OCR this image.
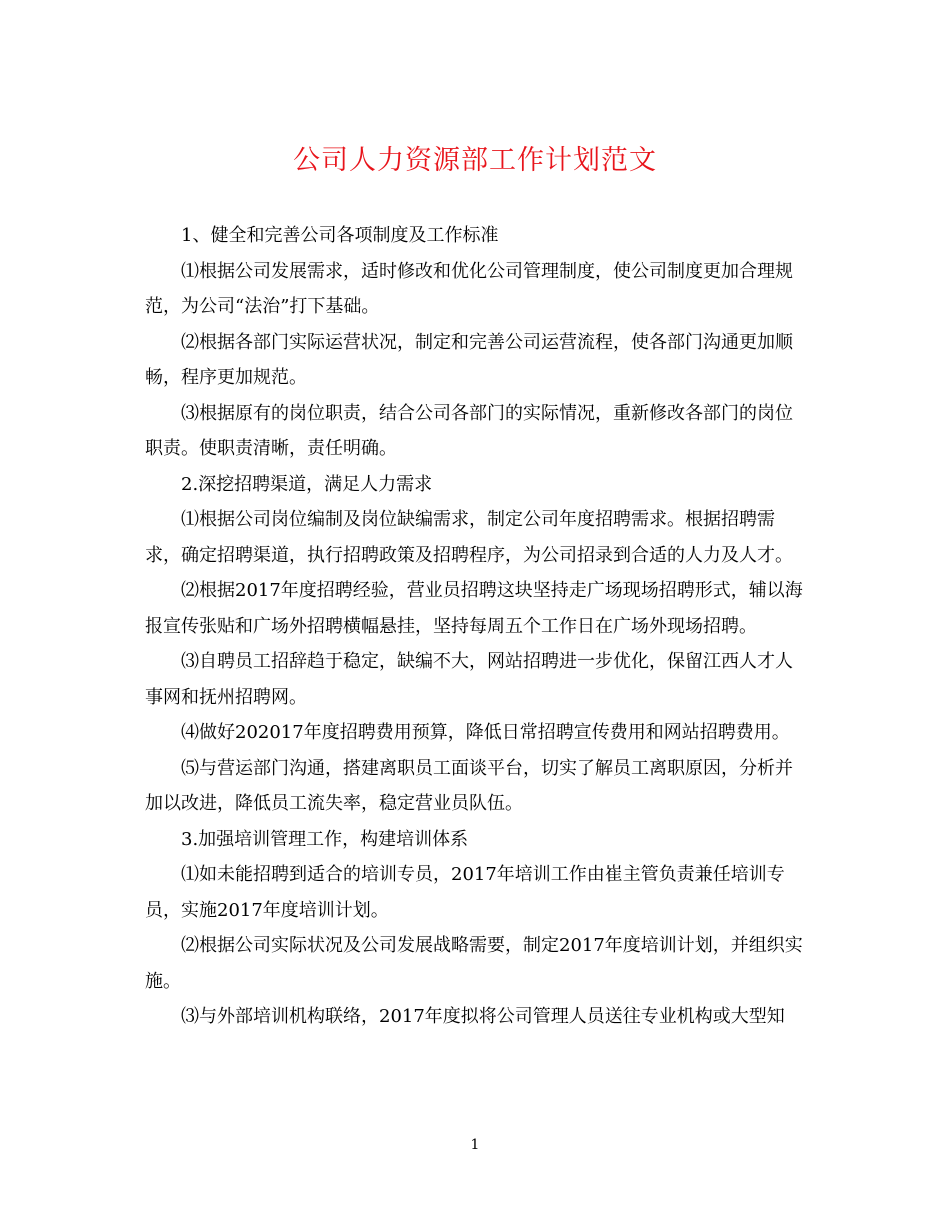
公司人力资源部工作计划范文

1、健全和完善公司各项制度及工作标准

⑴根据公司发展需求，适时修改和优化公司管理制度，使公司制度更加合理规范，为公司“法治”打下基础。

⑵根据各部门实际运营状况，制定和完善公司运营流程，使各部门沟通更加顺畅，程序更加规范。

⑶根据原有的岗位职责，结合公司各部门的实际情况，重新修改各部门的岗位职责。使职责清晰，责任明确。

2.深挖招聘渠道，满足人力需求

⑴根据公司岗位编制及岗位缺编需求，制定公司年度招聘需求。根据招聘需求，确定招聘渠道，执行招聘政策及招聘程序，为公司招录到合适的人力及人才。

⑵根据2017年度招聘经验，营业员招聘这块坚持走广场现场招聘形式，辅以海报宣传张贴和广场外招聘横幅悬挂，坚持每周五个工作日在广场外现场招聘。

⑶自聘员工招辞趋于稳定，缺编不大，网站招聘进一步优化，保留江西人才人事网和抚州招聘网。

⑷做好202017年度招聘费用预算，降低日常招聘宣传费用和网站招聘费用。

⑸与营运部门沟通，搭建离职员工面谈平台，切实了解员工离职原因，分析并加以改进，降低员工流失率，稳定营业员队伍。

3.加强培训管理工作，构建培训体系

⑴如未能招聘到适合的培训专员，2017年培训工作由崔主管负责兼任培训专员，实施2017年度培训计划。

⑵根据公司实际状况及公司发展战略需要，制定2017年度培训计划，并组织实施。

⑶与外部培训机构联络，2017年度拟将公司管理人员送往专业机构或大型知

1
